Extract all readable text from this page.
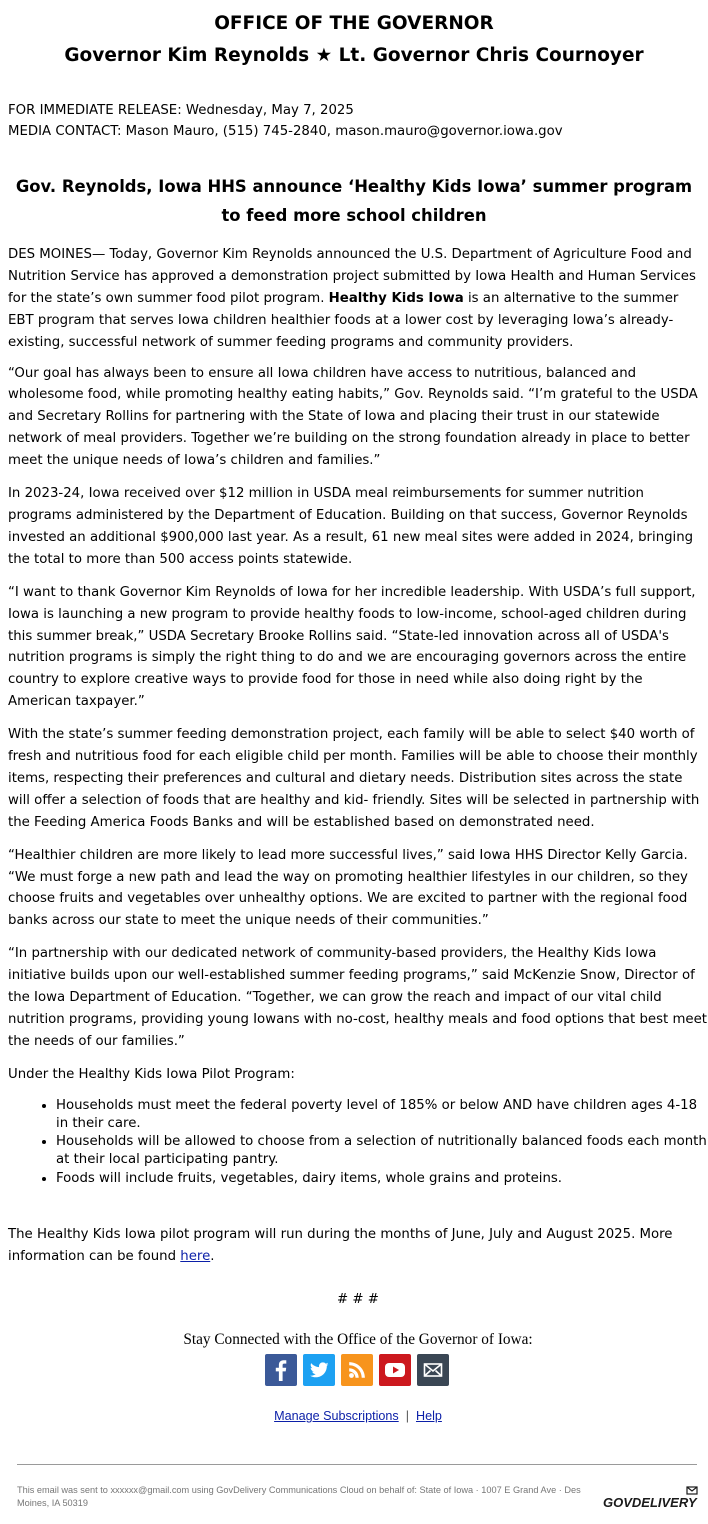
OFFICE OF THE GOVERNOR
Governor Kim Reynolds ★ Lt. Governor Chris Cournoyer
FOR IMMEDIATE RELEASE: Wednesday, May 7, 2025
MEDIA CONTACT: Mason Mauro, (515) 745-2840, mason.mauro@governor.iowa.gov
Gov. Reynolds, Iowa HHS announce ‘Healthy Kids Iowa’ summer program to feed more school children

DES MOINES— Today, Governor Kim Reynolds announced the U.S. Department of Agriculture Food and Nutrition Service has approved a demonstration project submitted by Iowa Health and Human Services for the state’s own summer food pilot program. Healthy Kids Iowa is an alternative to the summer EBT program that serves Iowa children healthier foods at a lower cost by leveraging Iowa’s already-existing, successful network of summer feeding programs and community providers.

“Our goal has always been to ensure all Iowa children have access to nutritious, balanced and wholesome food, while promoting healthy eating habits,” Gov. Reynolds said. “I’m grateful to the USDA and Secretary Rollins for partnering with the State of Iowa and placing their trust in our statewide network of meal providers. Together we’re building on the strong foundation already in place to better meet the unique needs of Iowa’s children and families.”

In 2023-24, Iowa received over $12 million in USDA meal reimbursements for summer nutrition programs administered by the Department of Education. Building on that success, Governor Reynolds invested an additional $900,000 last year. As a result, 61 new meal sites were added in 2024, bringing the total to more than 500 access points statewide.

“I want to thank Governor Kim Reynolds of Iowa for her incredible leadership. With USDA’s full support, Iowa is launching a new program to provide healthy foods to low-income, school-aged children during this summer break,” USDA Secretary Brooke Rollins said. “State-led innovation across all of USDA's nutrition programs is simply the right thing to do and we are encouraging governors across the entire country to explore creative ways to provide food for those in need while also doing right by the American taxpayer.”

With the state’s summer feeding demonstration project, each family will be able to select $40 worth of fresh and nutritious food for each eligible child per month. Families will be able to choose their monthly items, respecting their preferences and cultural and dietary needs. Distribution sites across the state will offer a selection of foods that are healthy and kid- friendly. Sites will be selected in partnership with the Feeding America Foods Banks and will be established based on demonstrated need.

“Healthier children are more likely to lead more successful lives,” said Iowa HHS Director Kelly Garcia. “We must forge a new path and lead the way on promoting healthier lifestyles in our children, so they choose fruits and vegetables over unhealthy options. We are excited to partner with the regional food banks across our state to meet the unique needs of their communities.”

“In partnership with our dedicated network of community-based providers, the Healthy Kids Iowa initiative builds upon our well-established summer feeding programs,” said McKenzie Snow, Director of the Iowa Department of Education. “Together, we can grow the reach and impact of our vital child nutrition programs, providing young Iowans with no-cost, healthy meals and food options that best meet the needs of our families.”

Under the Healthy Kids Iowa Pilot Program:

• Households must meet the federal poverty level of 185% or below AND have children ages 4-18 in their care.
• Households will be allowed to choose from a selection of nutritionally balanced foods each month at their local participating pantry.
• Foods will include fruits, vegetables, dairy items, whole grains and proteins.

The Healthy Kids Iowa pilot program will run during the months of June, July and August 2025. More information can be found here.

# # #
Stay Connected with the Office of the Governor of Iowa:
Manage Subscriptions | Help
This email was sent to xxxxxx@gmail.com using GovDelivery Communications Cloud on behalf of: State of Iowa · 1007 E Grand Ave · Des Moines, IA 50319	GOVDELIVERY
